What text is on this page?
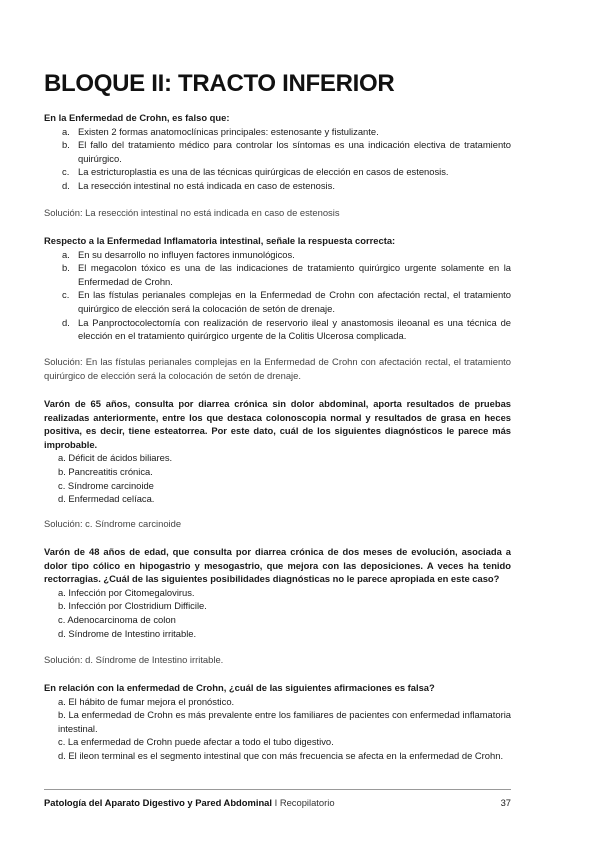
BLOQUE II: TRACTO INFERIOR
En la Enfermedad de Crohn, es falso que:
a. Existen 2 formas anatomoclínicas principales: estenosante y fistulizante.
b. El fallo del tratamiento médico para controlar los síntomas es una indicación electiva de tratamiento quirúrgico.
c. La estricturoplastia es una de las técnicas quirúrgicas de elección en casos de estenosis.
d. La resección intestinal no está indicada en caso de estenosis.
Solución: La resección intestinal no está indicada en caso de estenosis
Respecto a la Enfermedad Inflamatoria intestinal, señale la respuesta correcta:
a. En su desarrollo no influyen factores inmunológicos.
b. El megacolon tóxico es una de las indicaciones de tratamiento quirúrgico urgente solamente en la Enfermedad de Crohn.
c. En las fístulas perianales complejas en la Enfermedad de Crohn con afectación rectal, el tratamiento quirúrgico de elección será la colocación de setón de drenaje.
d. La Panproctocolectomía con realización de reservorio ileal y anastomosis ileoanal es una técnica de elección en el tratamiento quirúrgico urgente de la Colitis Ulcerosa complicada.
Solución: En las fístulas perianales complejas en la Enfermedad de Crohn con afectación rectal, el tratamiento quirúrgico de elección será la colocación de setón de drenaje.
Varón de 65 años, consulta por diarrea crónica sin dolor abdominal, aporta resultados de pruebas realizadas anteriormente, entre los que destaca colonoscopia normal y resultados de grasa en heces positiva, es decir, tiene esteatorrea. Por este dato, cuál de los siguientes diagnósticos le parece más improbable.
a. Déficit de ácidos biliares.
b. Pancreatitis crónica.
c. Síndrome carcinoide
d. Enfermedad celíaca.
Solución: c. Síndrome carcinoide
Varón de 48 años de edad, que consulta por diarrea crónica de dos meses de evolución, asociada a dolor tipo cólico en hipogastrio y mesogastrio, que mejora con las deposiciones. A veces ha tenido rectorragias. ¿Cuál de las siguientes posibilidades diagnósticas no le parece apropiada en este caso?
a. Infección por Citomegalovirus.
b. Infección por Clostridium Difficile.
c. Adenocarcinoma de colon
d. Síndrome de Intestino irritable.
Solución: d. Síndrome de Intestino irritable.
En relación con la enfermedad de Crohn, ¿cuál de las siguientes afirmaciones es falsa?
a. El hábito de fumar mejora el pronóstico.
b. La enfermedad de Crohn es más prevalente entre los familiares de pacientes con enfermedad inflamatoria intestinal.
c. La enfermedad de Crohn puede afectar a todo el tubo digestivo.
d. El ileon terminal es el segmento intestinal que con más frecuencia se afecta en la enfermedad de Crohn.
Patología del Aparato Digestivo y Pared Abdominal I Recopilatorio	37
